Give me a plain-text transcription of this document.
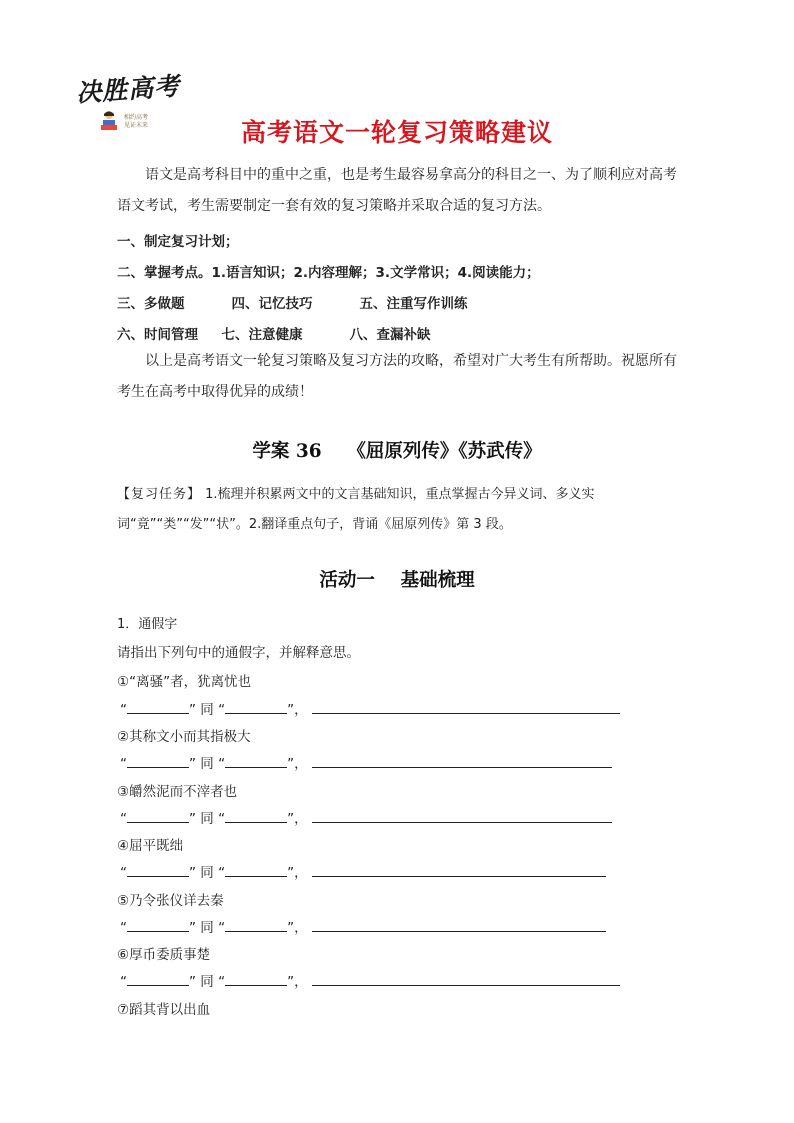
决胜高考
相约高考
见证未来	高考语文一轮复习策略建议
语文是高考科目中的重中之重，也是考生最容易拿高分的科目之一、为了顺利应对高考语文考试，考生需要制定一套有效的复习策略并采取合适的复习方法。
一、制定复习计划；
二、掌握考点。1.语言知识；2.内容理解；3.文学常识；4.阅读能力；
三、多做题          四、记忆技巧          五、注重写作训练
六、时间管理     七、注意健康          八、查漏补缺
以上是高考语文一轮复习策略及复习方法的攻略，希望对广大考生有所帮助。祝愿所有考生在高考中取得优异的成绩！
学案 36    《屈原列传》《苏武传》
【复习任务】 1.梳理并积累两文中的文言基础知识，重点掌握古今异义词、多义实词“竟”“类”“发”“状”。2.翻译重点句子，背诵《屈原列传》第 3 段。
活动一    基础梳理
1．通假字
请指出下列句中的通假字，并解释意思。
①“离骚”者，犹离忧也
“	” 同 “	”，
②其称文小而其指极大
“	” 同 “	”，
③皭然泥而不滓者也
“	” 同 “	”，
④屈平既绌
“	” 同 “	”，
⑤乃令张仪详去秦
“	” 同 “	”，
⑥厚币委质事楚
“	” 同 “	”，
⑦蹈其背以出血
